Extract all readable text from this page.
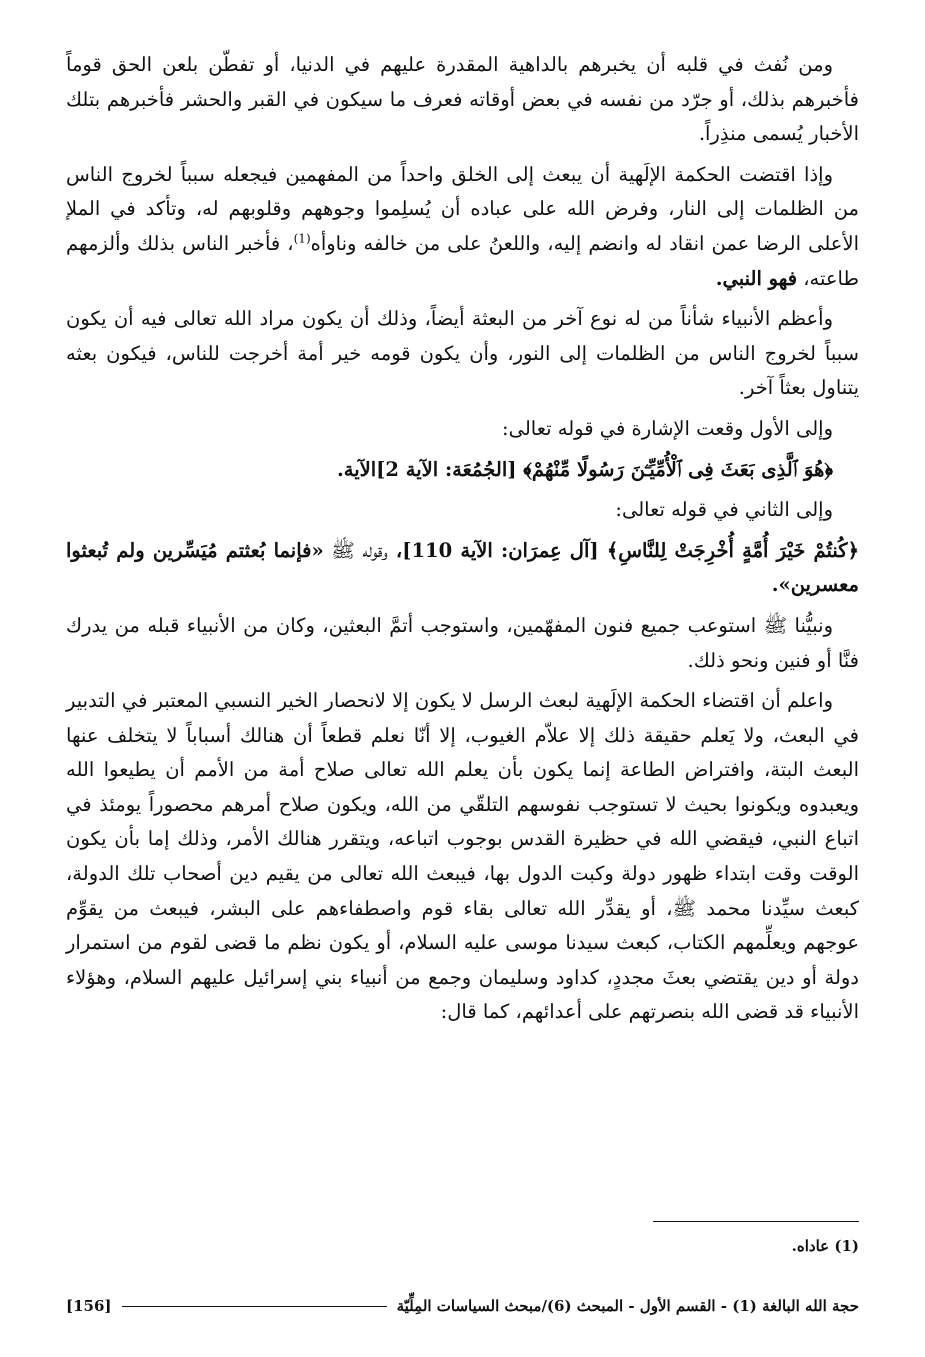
ومن نُفث في قلبه أن يخبرهم بالداهية المقدرة عليهم في الدنيا، أو تفطّن بلعن الحق قوماً فأخبرهم بذلك، أو جرّد من نفسه في بعض أوقاته فعرف ما سيكون في القبر والحشر فأخبرهم بتلك الأخبار يُسمى منذِراً.

وإذا اقتضت الحكمة الإلَهية أن يبعث إلى الخلق واحداً من المفهمين فيجعله سبباً لخروج الناس من الظلمات إلى النار، وفرض الله على عباده أن يُسلِموا وجوههم وقلوبهم له، وتأكد في الملإ الأعلى الرضا عمن انقاد له وانضم إليه، واللعنُ على من خالفه وناوأه$^{(1)}$، فأخبر الناس بذلك وألزمهم طاعته، فهو النبي.

وأعظم الأنبياء شأناً من له نوع آخر من البعثة أيضاً، وذلك أن يكون مراد الله تعالى فيه أن يكون سبباً لخروج الناس من الظلمات إلى النور، وأن يكون قومه خير أمة أخرجت للناس، فيكون بعثه يتناول بعثاً آخر.

وإلى الأول وقعت الإشارة في قوله تعالى:

﴿هُوَ ٱلَّذِى بَعَثَ فِى ٱلْأُمِّيِّـۧنَ رَسُولًا مِّنْهُمْ﴾ [الجُمُعَة: الآية 2]الآية.

وإلى الثاني في قوله تعالى:

﴿كُنتُمْ خَيْرَ أُمَّةٍ أُخْرِجَتْ لِلنَّاسِ﴾ [آل عِمرَان: الآية 110]، وقوله ﷺ «فإنما بُعثتم مُيَسِّرين ولم تُبعثوا معسرين».

ونبيُّنا ﷺ استوعب جميع فنون المفهّمين، واستوجب أتمَّ البعثين، وكان من الأنبياء قبله من يدرك فنَّا أو فنين ونحو ذلك.

واعلم أن اقتضاء الحكمة الإلَهية لبعث الرسل لا يكون إلا لانحصار الخير النسبي المعتبر في التدبير في البعث، ولا يَعلم حقيقة ذلك إلا علاّم الغيوب، إلا أنّا نعلم قطعاً أن هنالك أسباباً لا يتخلف عنها البعث البتة، وافتراض الطاعة إنما يكون بأن يعلم الله تعالى صلاح أمة من الأمم أن يطيعوا الله ويعبدوه ويكونوا بحيث لا تستوجب نفوسهم التلقّي من الله، ويكون صلاح أمرهم محصوراً يومئذ في اتباع النبي، فيقضي الله في حظيرة القدس بوجوب اتباعه، ويتقرر هنالك الأمر، وذلك إما بأن يكون الوقت وقت ابتداء ظهور دولة وكبت الدول بها، فيبعث الله تعالى من يقيم دين أصحاب تلك الدولة، كبعث سيِّدنا محمد ﷺ، أو يقدِّر الله تعالى بقاء قوم واصطفاءهم على البشر، فيبعث من يقوِّم عوجهم ويعلِّمهم الكتاب، كبعث سيدنا موسى عليه السلام، أو يكون نظم ما قضى لقوم من استمرار دولة أو دين يقتضي بعثَ مجددٍ، كداود وسليمان وجمع من أنبياء بني إسرائيل عليهم السلام، وهؤلاء الأنبياء قد قضى الله بنصرتهم على أعدائهم، كما قال:

(1) عاداه.
حجة الله البالغة (1) - القسم الأول - المبحث (6)/مبحث السياسات المِلِّيّة
[156]
